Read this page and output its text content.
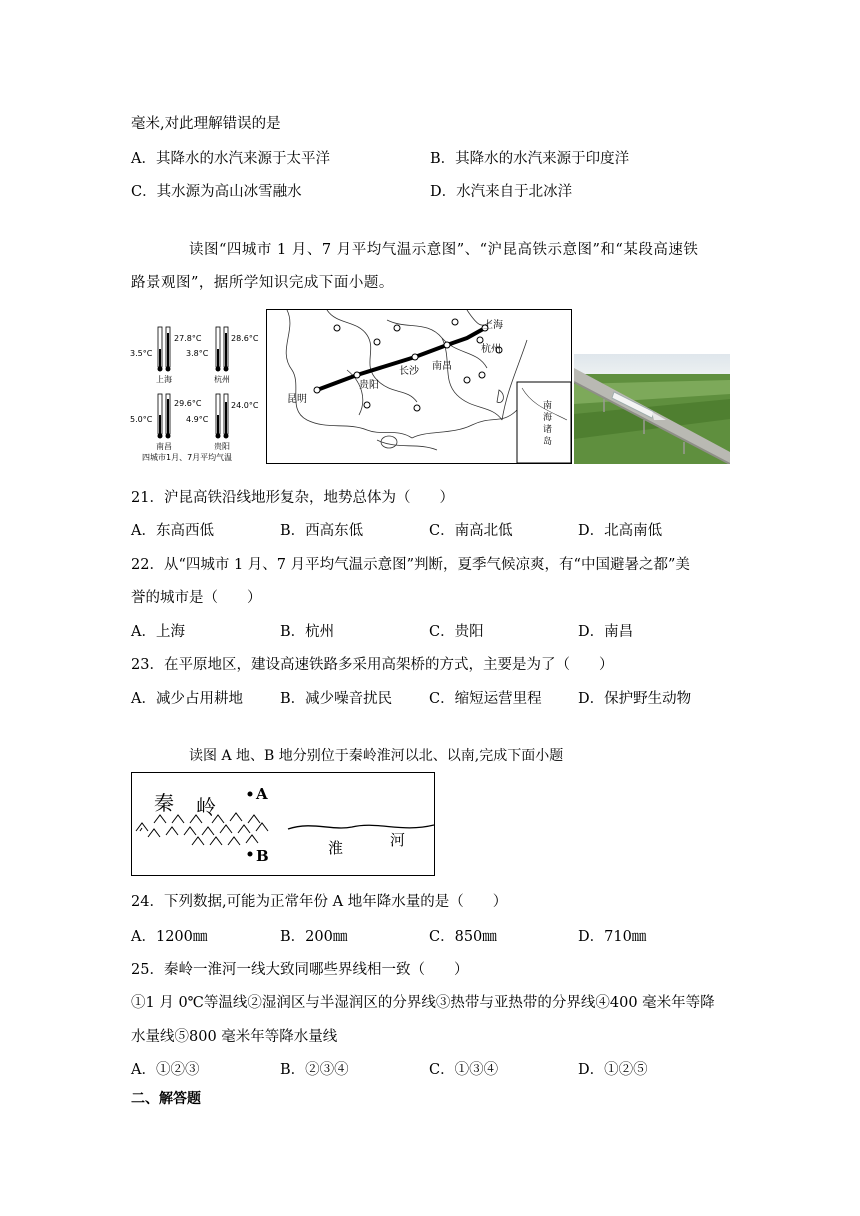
毫米,对此理解错误的是
A．其降水的水汽来源于太平洋	B．其降水的水汽来源于印度洋
C．其水源为高山冰雪融水	D．水汽来自于北冰洋
读图“四城市 1 月、7 月平均气温示意图”、“沪昆高铁示意图”和“某段高速铁
路景观图”，据所学知识完成下面小题。
3.5°C
27.8°C
上海
3.8°C
28.6°C
杭州
5.0°C
29.6°C
南昌
4.9°C
24.0°C
贵阳
四城市1月、7月平均气温
上海
杭州
南昌
长沙
贵阳
昆明
南海诸岛
21．沪昆高铁沿线地形复杂，地势总体为（　　）
A．东高西低	B．西高东低	C．南高北低	D．北高南低
22．从“四城市 1 月、7 月平均气温示意图”判断，夏季气候凉爽，有“中国避暑之都”美
誉的城市是（　　）
A．上海	B．杭州	C．贵阳	D．南昌
23．在平原地区，建设高速铁路多采用高架桥的方式，主要是为了（　　）
A．减少占用耕地	B．减少噪音扰民	C．缩短运营里程	D．保护野生动物
读图 A 地、B 地分别位于秦岭淮河以北、以南,完成下面小题
秦 岭
A
B	淮	河
24．下列数据,可能为正常年份 A 地年降水量的是（　　）
A．1200㎜	B．200㎜	C．850㎜	D．710㎜
25．秦岭一淮河一线大致同哪些界线相一致（　　）
①1 月 0℃等温线②湿润区与半湿润区的分界线③热带与亚热带的分界线④400 毫米年等降
水量线⑤800 毫米年等降水量线
A．①②③	B．②③④	C．①③④	D．①②⑤
二、解答题
